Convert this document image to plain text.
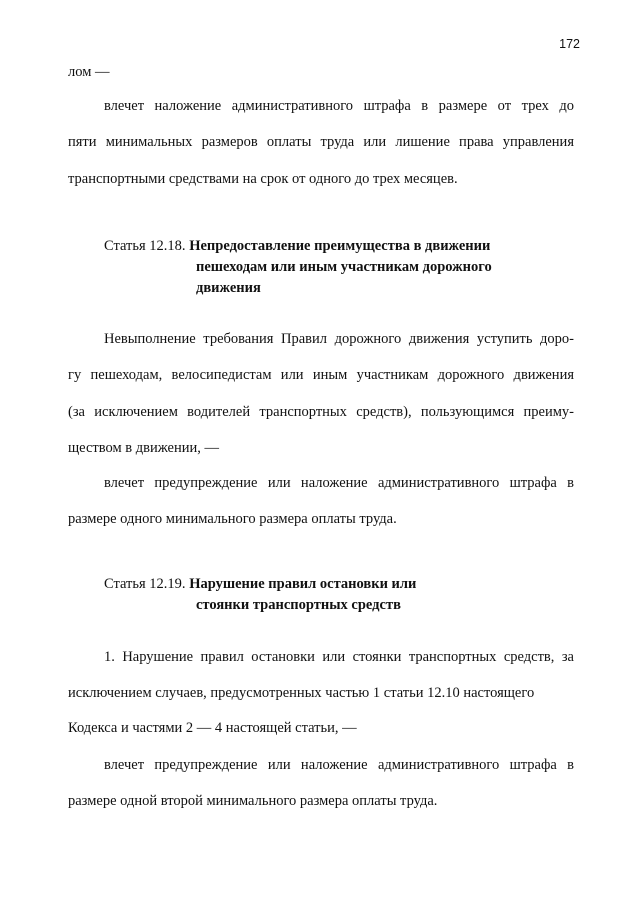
172
лом —
влечет наложение административного штрафа в размере от трех до
пяти минимальных размеров оплаты труда или лишение права управления
транспортными средствами на срок от одного до трех месяцев.
Статья 12.18. Непредоставление преимущества в движении
пешеходам или иным участникам дорожного
движения
Невыполнение требования Правил дорожного движения уступить доро-
гу пешеходам, велосипедистам или иным участникам дорожного движения
(за исключением водителей транспортных средств), пользующимся преиму-
ществом в движении, —
влечет предупреждение или наложение административного штрафа в
размере одного минимального размера оплаты труда.
Статья 12.19. Нарушение правил остановки или
стоянки транспортных средств
1. Нарушение правил остановки или стоянки транспортных средств, за
исключением случаев, предусмотренных частью 1 статьи 12.10 настоящего
Кодекса и частями 2 — 4 настоящей статьи, —
влечет предупреждение или наложение административного штрафа в
размере одной второй минимального размера оплаты труда.
